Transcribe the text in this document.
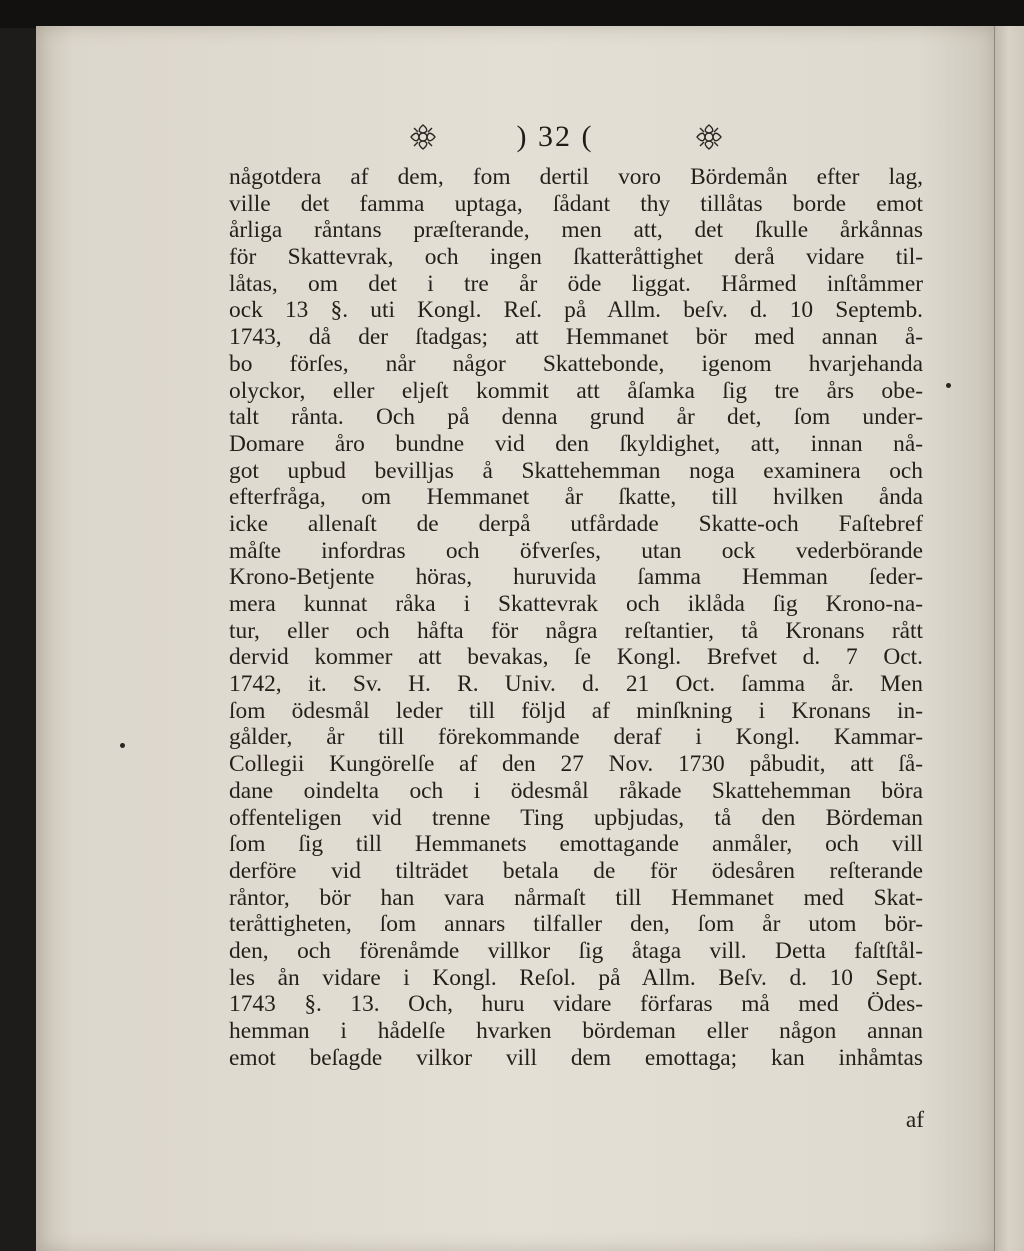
) 32 (
någotdera af dem, fom dertil voro Bördemån efter lag,
ville det famma uptaga, ſådant thy tillåtas borde emot
årliga råntans præſterande, men att, det ſkulle årkånnas
för Skattevrak, och ingen ſkatteråttighet derå vidare til-
låtas, om det i tre år öde liggat. Hårmed inſtåmmer
ock 13 §. uti Kongl. Reſ. på Allm. beſv. d. 10 Septemb.
1743, då der ſtadgas; att Hemmanet bör med annan å-
bo förſes, når någor Skattebonde, igenom hvarjehanda
olyckor, eller eljeſt kommit att åſamka ſig tre års obe-
talt rånta. Och på denna grund år det, ſom under-
Domare åro bundne vid den ſkyldighet, att, innan nå-
got upbud bevilljas å Skattehemman noga examinera och
efterfråga, om Hemmanet år ſkatte, till hvilken ånda
icke allenaſt de derpå utfårdade Skatte-och Faſtebref
måſte infordras och öfverſes, utan ock vederbörande
Krono-Betjente höras, huruvida ſamma Hemman ſeder-
mera kunnat råka i Skattevrak och iklåda ſig Krono-na-
tur, eller och håfta för några reſtantier, tå Kronans rått
dervid kommer att bevakas, ſe Kongl. Brefvet d. 7 Oct.
1742, it. Sv. H. R. Univ. d. 21 Oct. ſamma år. Men
ſom ödesmål leder till följd af minſkning i Kronans in-
gålder, år till förekommande deraf i Kongl. Kammar-
Collegii Kungörelſe af den 27 Nov. 1730 påbudit, att ſå-
dane oindelta och i ödesmål råkade Skattehemman böra
offenteligen vid trenne Ting upbjudas, tå den Bördeman
ſom ſig till Hemmanets emottagande anmåler, och vill
derföre vid tilträdet betala de för ödesåren reſterande
råntor, bör han vara nårmaſt till Hemmanet med Skat-
teråttigheten, ſom annars tilfaller den, ſom år utom bör-
den, och förenåmde villkor ſig åtaga vill. Detta faſtſtål-
les ån vidare i Kongl. Reſol. på Allm. Beſv. d. 10 Sept.
1743 §. 13. Och, huru vidare förfaras må med Ödes-
hemman i hådelſe hvarken bördeman eller någon annan
emot beſagde vilkor vill dem emottaga; kan inhåmtas
af
